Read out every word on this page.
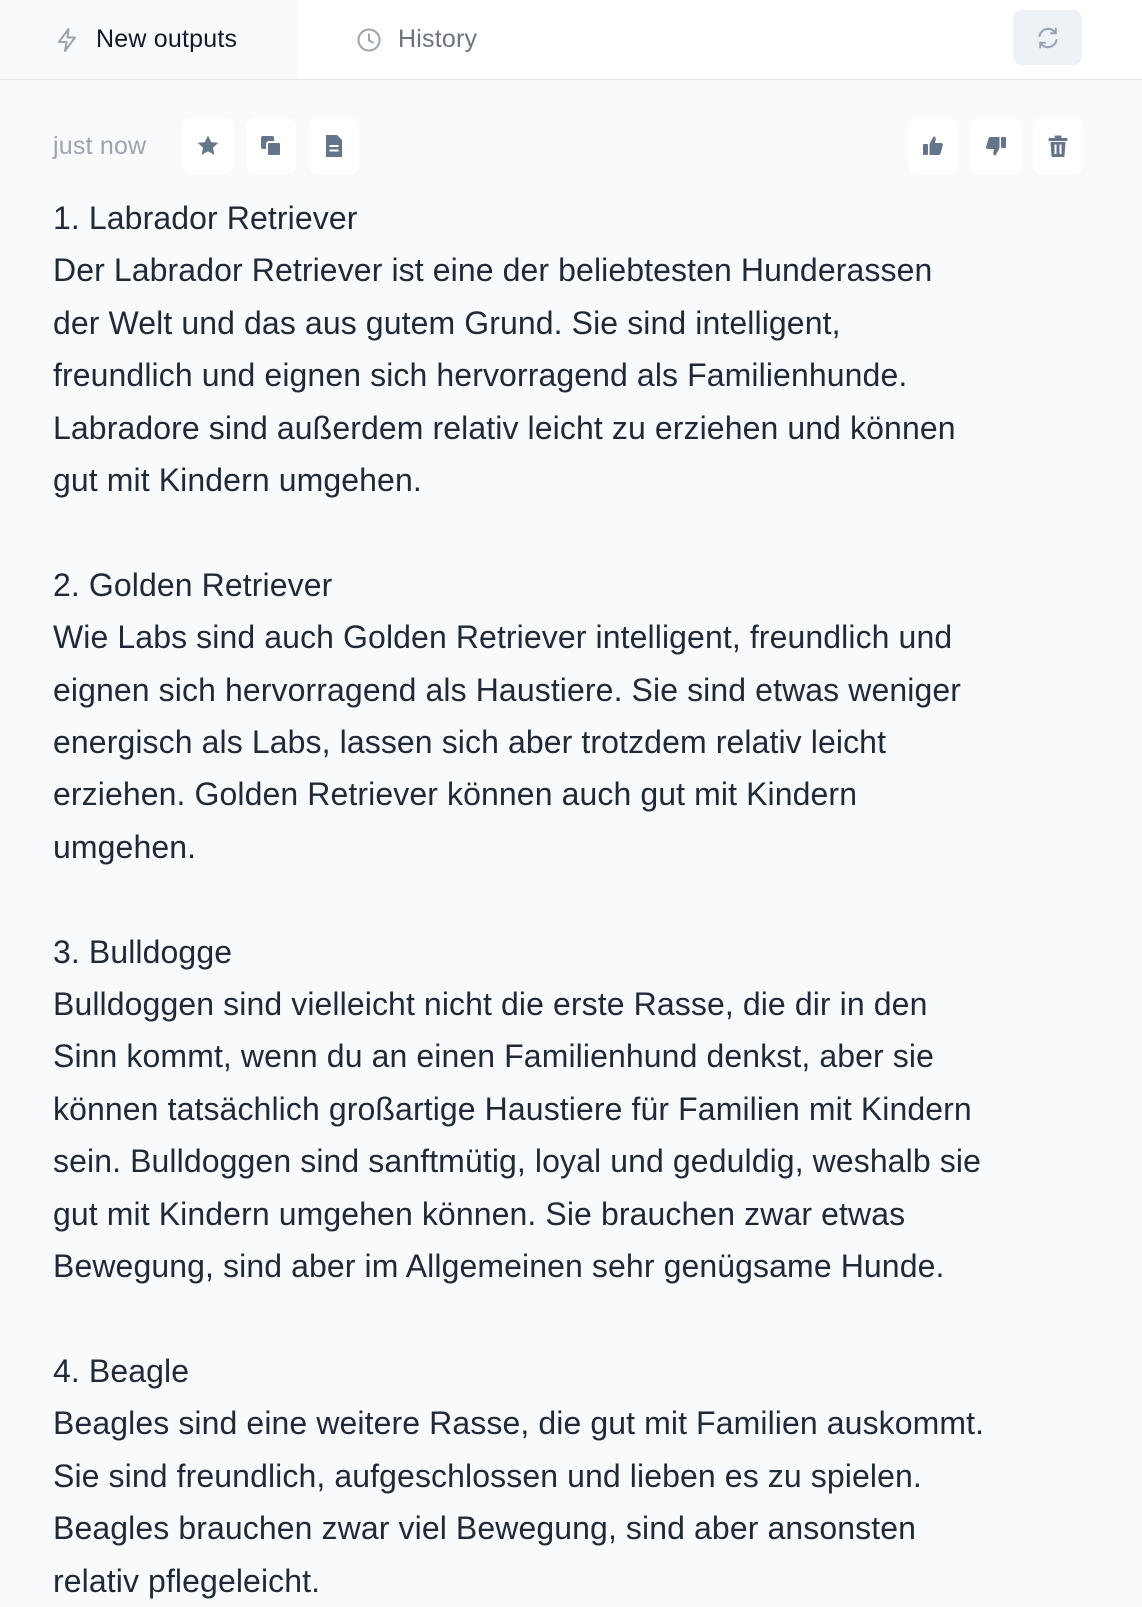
New outputs	History
just now

1. Labrador Retriever

Der Labrador Retriever ist eine der beliebtesten Hunderassen

der Welt und das aus gutem Grund. Sie sind intelligent,

freundlich und eignen sich hervorragend als Familienhunde.

Labradore sind außerdem relativ leicht zu erziehen und können

gut mit Kindern umgehen.

2. Golden Retriever

Wie Labs sind auch Golden Retriever intelligent, freundlich und

eignen sich hervorragend als Haustiere. Sie sind etwas weniger

energisch als Labs, lassen sich aber trotzdem relativ leicht

erziehen. Golden Retriever können auch gut mit Kindern

umgehen.

3. Bulldogge

Bulldoggen sind vielleicht nicht die erste Rasse, die dir in den

Sinn kommt, wenn du an einen Familienhund denkst, aber sie

können tatsächlich großartige Haustiere für Familien mit Kindern

sein. Bulldoggen sind sanftmütig, loyal und geduldig, weshalb sie

gut mit Kindern umgehen können. Sie brauchen zwar etwas

Bewegung, sind aber im Allgemeinen sehr genügsame Hunde.

4. Beagle

Beagles sind eine weitere Rasse, die gut mit Familien auskommt.

Sie sind freundlich, aufgeschlossen und lieben es zu spielen.

Beagles brauchen zwar viel Bewegung, sind aber ansonsten

relativ pflegeleicht.
